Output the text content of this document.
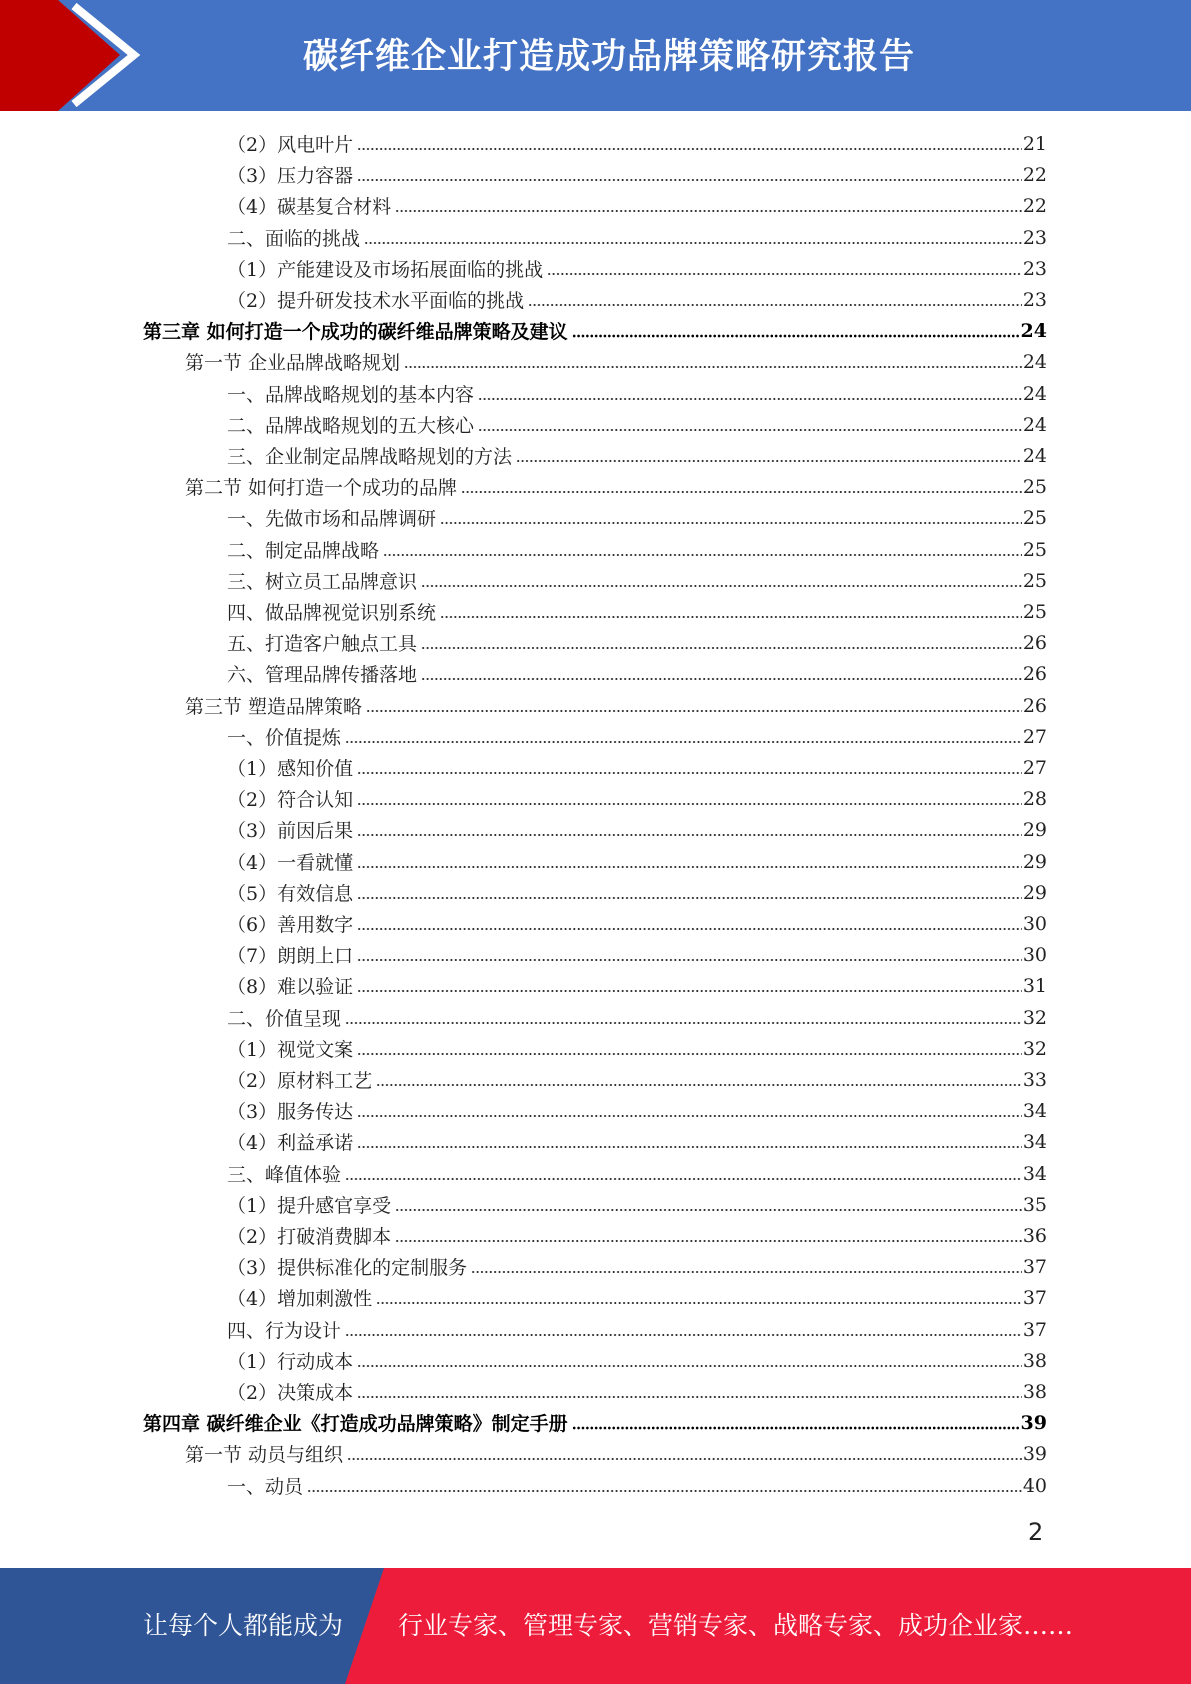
碳纤维企业打造成功品牌策略研究报告
（2）风电叶片	21
（3）压力容器	22
（4）碳基复合材料	22
二、面临的挑战	23
（1）产能建设及市场拓展面临的挑战	23
（2）提升研发技术水平面临的挑战	23
第三章 如何打造一个成功的碳纤维品牌策略及建议	24
第一节 企业品牌战略规划	24
一、品牌战略规划的基本内容	24
二、品牌战略规划的五大核心	24
三、企业制定品牌战略规划的方法	24
第二节 如何打造一个成功的品牌	25
一、先做市场和品牌调研	25
二、制定品牌战略	25
三、树立员工品牌意识	25
四、做品牌视觉识别系统	25
五、打造客户触点工具	26
六、管理品牌传播落地	26
第三节 塑造品牌策略	26
一、价值提炼	27
（1）感知价值	27
（2）符合认知	28
（3）前因后果	29
（4）一看就懂	29
（5）有效信息	29
（6）善用数字	30
（7）朗朗上口	30
（8）难以验证	31
二、价值呈现	32
（1）视觉文案	32
（2）原材料工艺	33
（3）服务传达	34
（4）利益承诺	34
三、峰值体验	34
（1）提升感官享受	35
（2）打破消费脚本	36
（3）提供标准化的定制服务	37
（4）增加刺激性	37
四、行为设计	37
（1）行动成本	38
（2）决策成本	38
第四章 碳纤维企业《打造成功品牌策略》制定手册	39
第一节 动员与组织	39
一、动员	40
2
让每个人都能成为 行业专家、管理专家、营销专家、战略专家、成功企业家……
